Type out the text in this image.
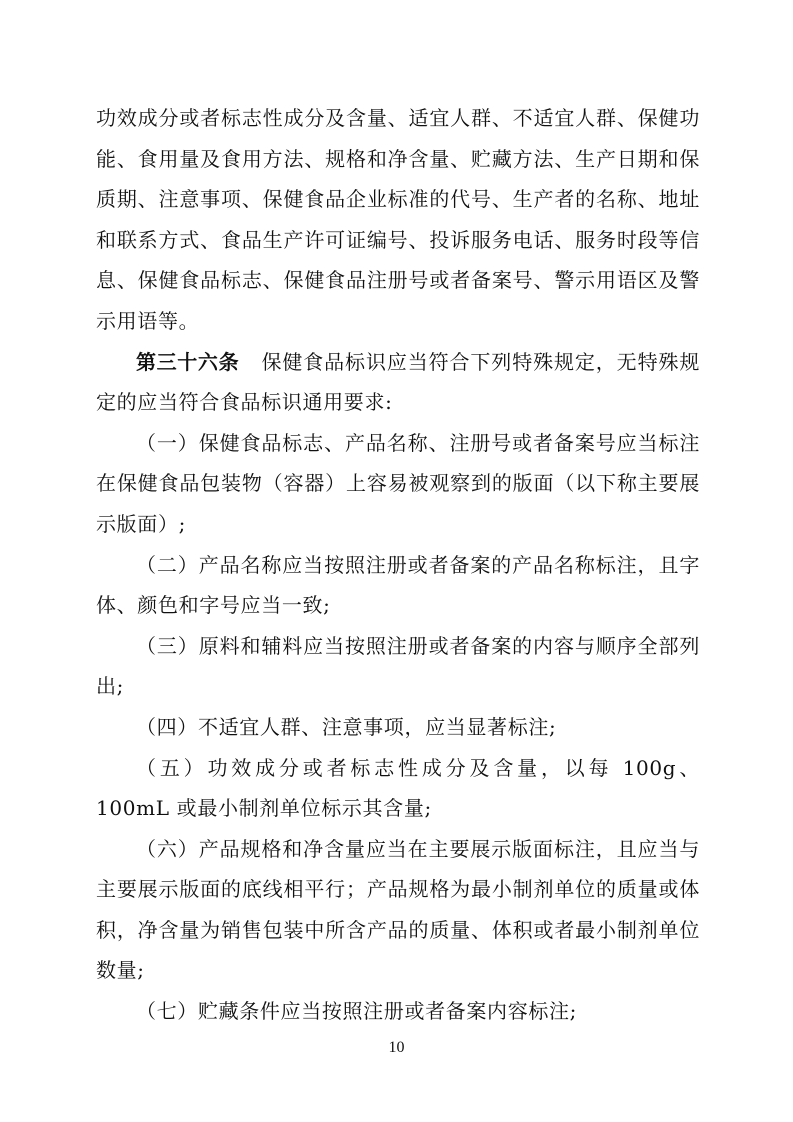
功效成分或者标志性成分及含量、适宜人群、不适宜人群、保健功能、食用量及食用方法、规格和净含量、贮藏方法、生产日期和保质期、注意事项、保健食品企业标准的代号、生产者的名称、地址和联系方式、食品生产许可证编号、投诉服务电话、服务时段等信息、保健食品标志、保健食品注册号或者备案号、警示用语区及警示用语等。

第三十六条 保健食品标识应当符合下列特殊规定，无特殊规定的应当符合食品标识通用要求:

（一）保健食品标志、产品名称、注册号或者备案号应当标注在保健食品包装物（容器）上容易被观察到的版面（以下称主要展示版面）;

（二）产品名称应当按照注册或者备案的产品名称标注，且字体、颜色和字号应当一致;

（三）原料和辅料应当按照注册或者备案的内容与顺序全部列出;

（四）不适宜人群、注意事项，应当显著标注;

（五）功效成分或者标志性成分及含量，以每 100g、100mL 或最小制剂单位标示其含量;

（六）产品规格和净含量应当在主要展示版面标注，且应当与主要展示版面的底线相平行；产品规格为最小制剂单位的质量或体积，净含量为销售包装中所含产品的质量、体积或者最小制剂单位数量;

（七）贮藏条件应当按照注册或者备案内容标注;

10
